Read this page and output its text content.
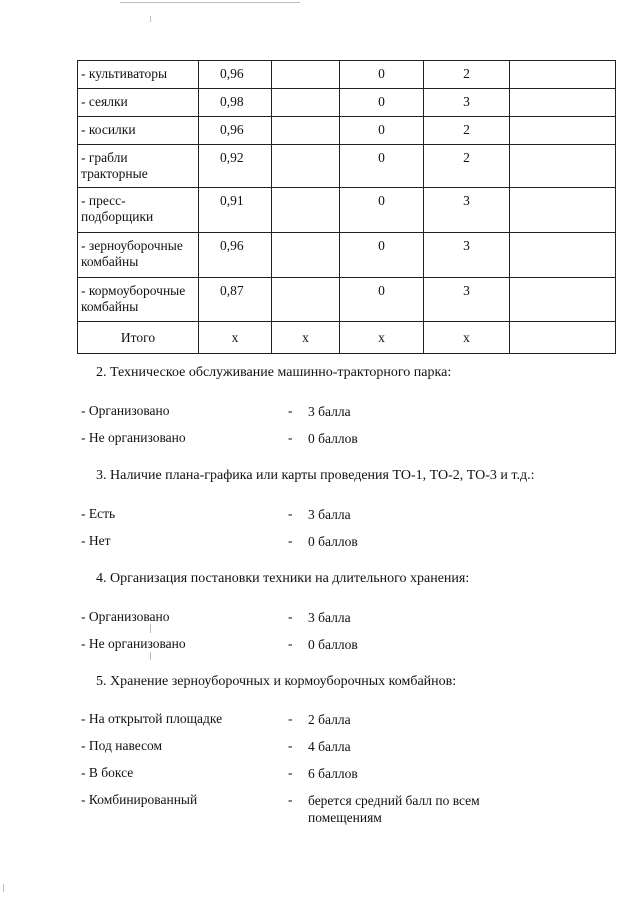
- культиваторы	0,96		0	2	
- сеялки	0,98		0	3	
- косилки	0,96		0	2	
- грабли тракторные	0,92		0	2	
- пресс-подборщики	0,91		0	3	
- зерноуборочные комбайны	0,96		0	3	
- кормоуборочные комбайны	0,87		0	3	
Итого	x	x	x	x	
2. Техническое обслуживание машинно-тракторного парка:
- Организовано	- 3 балла
- Не организовано	- 0 баллов
3. Наличие плана-графика или карты проведения ТО-1, ТО-2, ТО-3 и т.д.:
- Есть	- 3 балла
- Нет	- 0 баллов
4. Организация постановки техники на длительного хранения:
- Организовано	- 3 балла
- Не организовано	- 0 баллов
5. Хранение зерноуборочных и кормоуборочных комбайнов:
- На открытой площадке	- 2 балла
- Под навесом	- 4 балла
- В боксе	- 6 баллов
- Комбинированный	- берется средний балл по всем помещениям
